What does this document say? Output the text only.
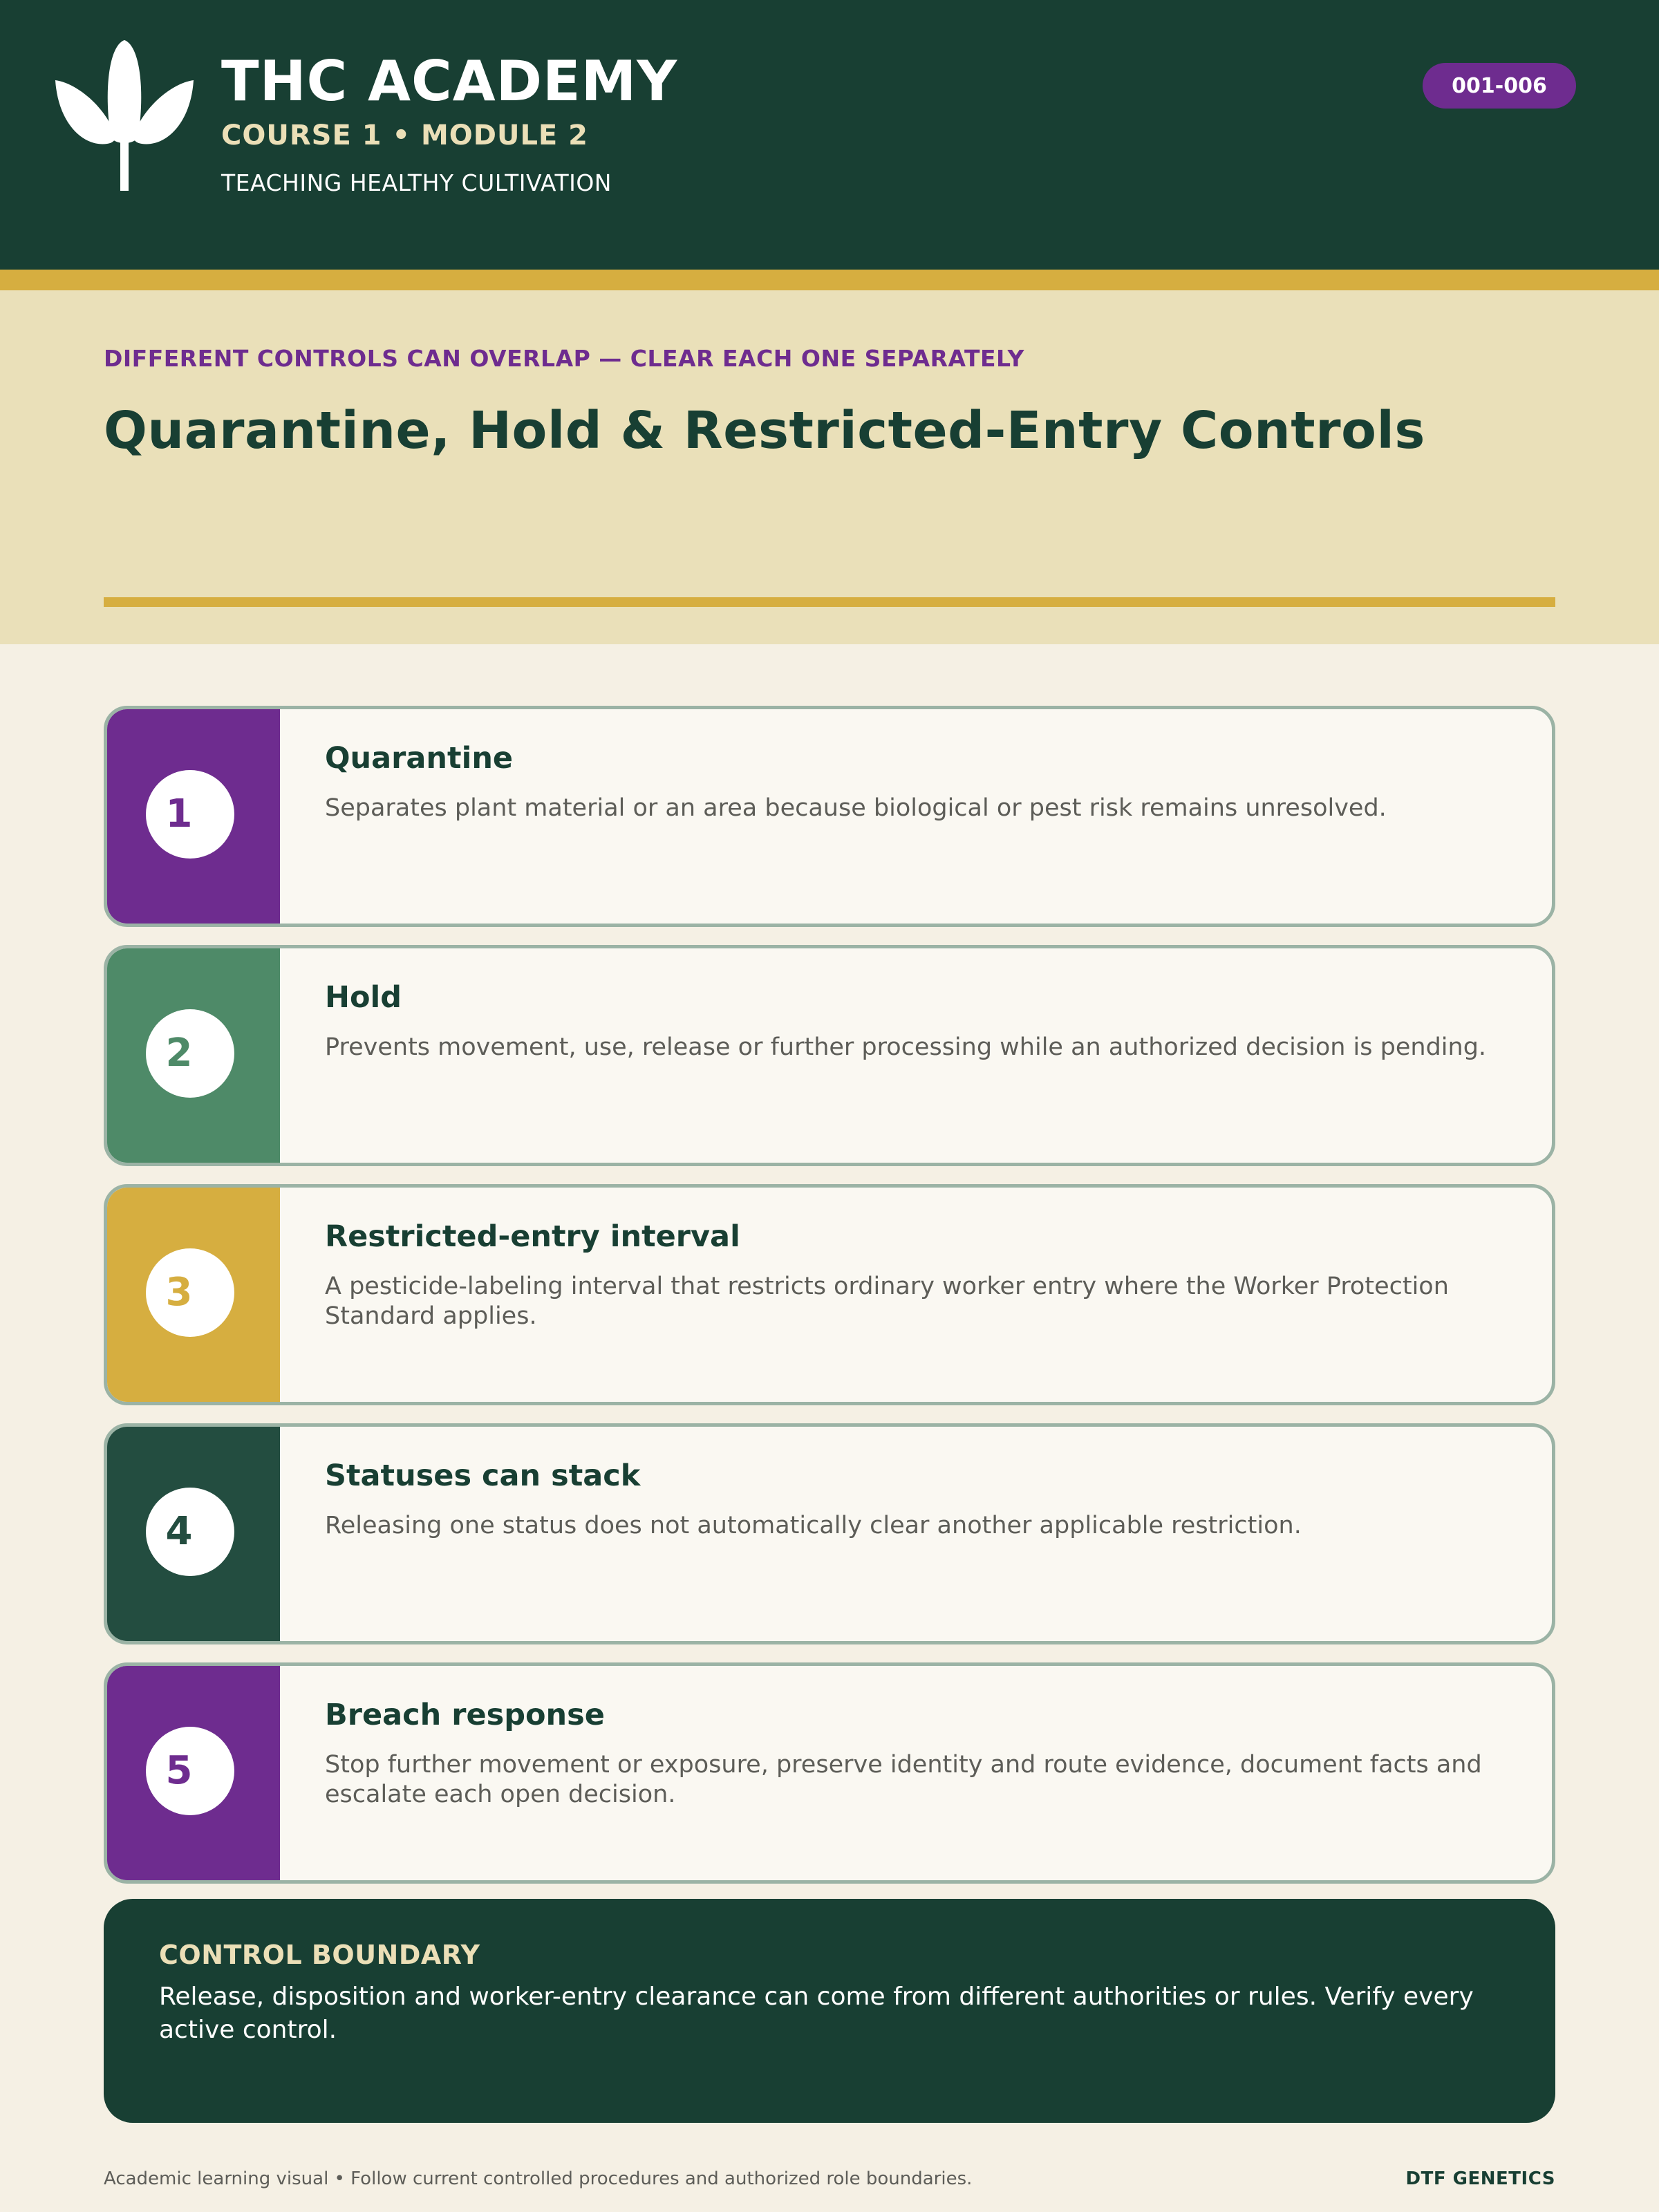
THC ACADEMY
COURSE 1 • MODULE 2
TEACHING HEALTHY CULTIVATION
001-006
DIFFERENT CONTROLS CAN OVERLAP — CLEAR EACH ONE SEPARATELY
Quarantine, Hold & Restricted-Entry Controls
1
Quarantine
Separates plant material or an area because biological or pest risk remains unresolved.
2
Hold
Prevents movement, use, release or further processing while an authorized decision is pending.
3
Restricted-entry interval
A pesticide-labeling interval that restricts ordinary worker entry where the Worker Protection Standard applies.
4
Statuses can stack
Releasing one status does not automatically clear another applicable restriction.
5
Breach response
Stop further movement or exposure, preserve identity and route evidence, document facts and escalate each open decision.
CONTROL BOUNDARY
Release, disposition and worker-entry clearance can come from different authorities or rules. Verify every active control.
Academic learning visual • Follow current controlled procedures and authorized role boundaries.	DTF GENETICS
